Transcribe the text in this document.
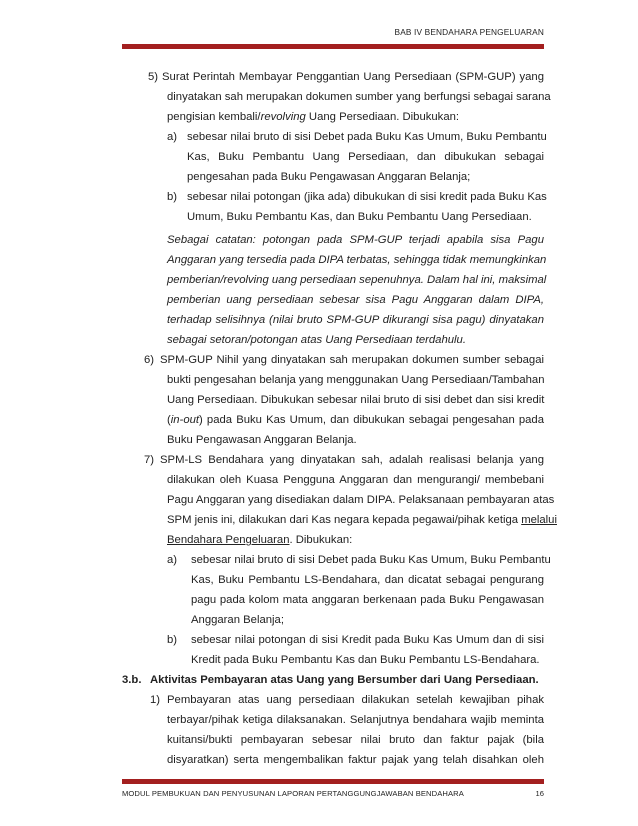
BAB IV BENDAHARA PENGELUARAN
5) Surat Perintah Membayar Penggantian Uang Persediaan (SPM-GUP) yang
dinyatakan sah merupakan dokumen sumber yang berfungsi sebagai sarana
pengisian kembali/revolving Uang Persediaan. Dibukukan:
a) sebesar nilai bruto di sisi Debet pada Buku Kas Umum, Buku Pembantu
Kas, Buku Pembantu Uang Persediaan, dan dibukukan sebagai
pengesahan pada Buku Pengawasan Anggaran Belanja;
b) sebesar nilai potongan (jika ada) dibukukan di sisi kredit pada Buku Kas
Umum, Buku Pembantu Kas, dan Buku Pembantu Uang Persediaan.
Sebagai catatan: potongan pada SPM-GUP terjadi apabila sisa Pagu
Anggaran yang tersedia pada DIPA terbatas, sehingga tidak memungkinkan
pemberian/revolving uang persediaan sepenuhnya. Dalam hal ini, maksimal
pemberian uang persediaan sebesar sisa Pagu Anggaran dalam DIPA,
terhadap selisihnya (nilai bruto SPM-GUP dikurangi sisa pagu) dinyatakan
sebagai setoran/potongan atas Uang Persediaan terdahulu.
6) SPM-GUP Nihil yang dinyatakan sah merupakan dokumen sumber sebagai
bukti pengesahan belanja yang menggunakan Uang Persediaan/Tambahan
Uang Persediaan. Dibukukan sebesar nilai bruto di sisi debet dan sisi kredit
(in-out) pada Buku Kas Umum, dan dibukukan sebagai pengesahan pada
Buku Pengawasan Anggaran Belanja.
7) SPM-LS Bendahara yang dinyatakan sah, adalah realisasi belanja yang
dilakukan oleh Kuasa Pengguna Anggaran dan mengurangi/ membebani
Pagu Anggaran yang disediakan dalam DIPA. Pelaksanaan pembayaran atas
SPM jenis ini, dilakukan dari Kas negara kepada pegawai/pihak ketiga melalui
Bendahara Pengeluaran. Dibukukan:
a) sebesar nilai bruto di sisi Debet pada Buku Kas Umum, Buku Pembantu
Kas, Buku Pembantu LS-Bendahara, dan dicatat sebagai pengurang
pagu pada kolom mata anggaran berkenaan pada Buku Pengawasan
Anggaran Belanja;
b) sebesar nilai potongan di sisi Kredit pada Buku Kas Umum dan di sisi
Kredit pada Buku Pembantu Kas dan Buku Pembantu LS-Bendahara.
3.b. Aktivitas Pembayaran atas Uang yang Bersumber dari Uang Persediaan.
1) Pembayaran atas uang persediaan dilakukan setelah kewajiban pihak
terbayar/pihak ketiga dilaksanakan. Selanjutnya bendahara wajib meminta
kuitansi/bukti pembayaran sebesar nilai bruto dan faktur pajak (bila
disyaratkan) serta mengembalikan faktur pajak yang telah disahkan oleh
MODUL PEMBUKUAN DAN PENYUSUNAN LAPORAN PERTANGGUNGJAWABAN BENDAHARA	16
